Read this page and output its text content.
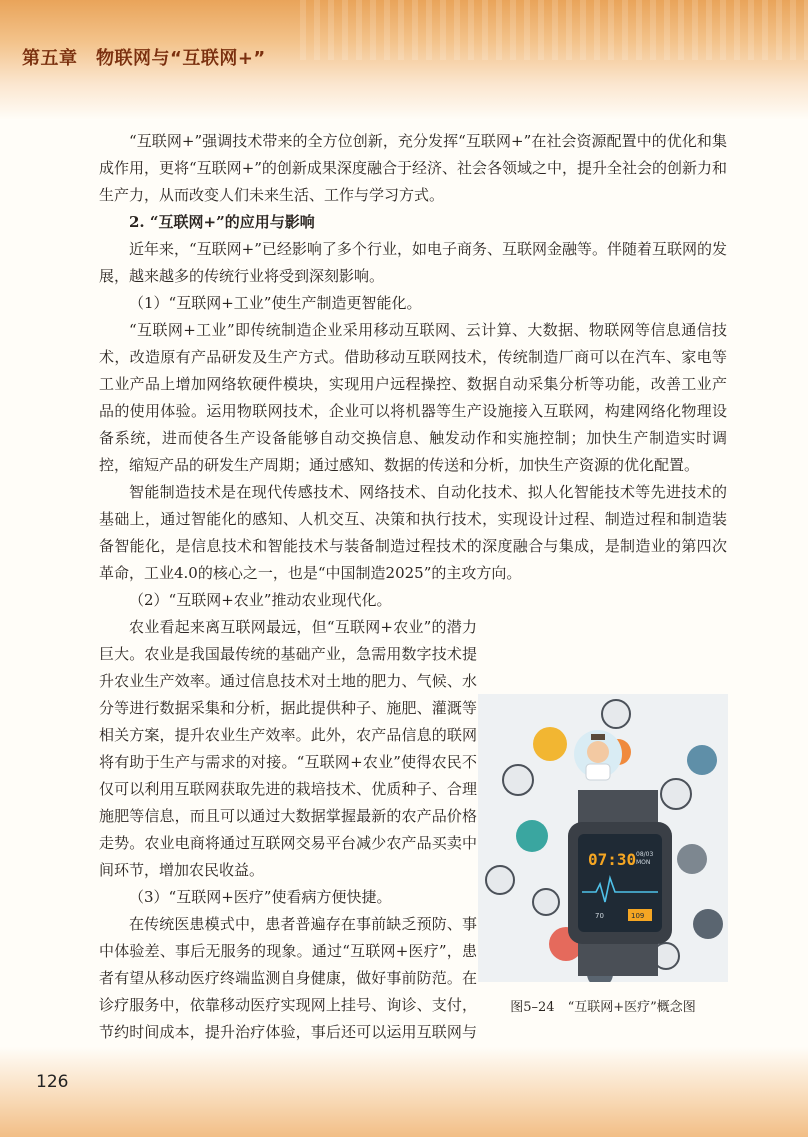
第五章　物联网与“互联网+”

“互联网+”强调技术带来的全方位创新，充分发挥“互联网+”在社会资源配置中的优化和集成作用，更将“互联网+”的创新成果深度融合于经济、社会各领域之中，提升全社会的创新力和生产力，从而改变人们未来生活、工作与学习方式。

2. “互联网+”的应用与影响

近年来，“互联网+”已经影响了多个行业，如电子商务、互联网金融等。伴随着互联网的发展，越来越多的传统行业将受到深刻影响。

（1）“互联网+工业”使生产制造更智能化。

“互联网+工业”即传统制造企业采用移动互联网、云计算、大数据、物联网等信息通信技术，改造原有产品研发及生产方式。借助移动互联网技术，传统制造厂商可以在汽车、家电等工业产品上增加网络软硬件模块，实现用户远程操控、数据自动采集分析等功能，改善工业产品的使用体验。运用物联网技术，企业可以将机器等生产设施接入互联网，构建网络化物理设备系统，进而使各生产设备能够自动交换信息、触发动作和实施控制；加快生产制造实时调控，缩短产品的研发生产周期；通过感知、数据的传送和分析，加快生产资源的优化配置。

智能制造技术是在现代传感技术、网络技术、自动化技术、拟人化智能技术等先进技术的基础上，通过智能化的感知、人机交互、决策和执行技术，实现设计过程、制造过程和制造装备智能化，是信息技术和智能技术与装备制造过程技术的深度融合与集成，是制造业的第四次革命，工业4.0的核心之一，也是“中国制造2025”的主攻方向。

（2）“互联网+农业”推动农业现代化。

农业看起来离互联网最远，但“互联网+农业”的潜力巨大。农业是我国最传统的基础产业，急需用数字技术提升农业生产效率。通过信息技术对土地的肥力、气候、水分等进行数据采集和分析，据此提供种子、施肥、灌溉等相关方案，提升农业生产效率。此外，农产品信息的联网将有助于生产与需求的对接。“互联网+农业”使得农民不仅可以利用互联网获取先进的栽培技术、优质种子、合理施肥等信息，而且可以通过大数据掌握最新的农产品价格走势。农业电商将通过互联网交易平台减少农产品买卖中间环节，增加农民收益。

（3）“互联网+医疗”使看病方便快捷。

在传统医患模式中，患者普遍存在事前缺乏预防、事中体验差、事后无服务的现象。通过“互联网+医疗”，患者有望从移动医疗终端监测自身健康，做好事前防范。在诊疗服务中，依靠移动医疗实现网上挂号、询诊、支付，节约时间成本，提升治疗体验，事后还可以运用互联网与

07:30 08/03
MON
70	109
图5–24　“互联网+医疗”概念图
126
